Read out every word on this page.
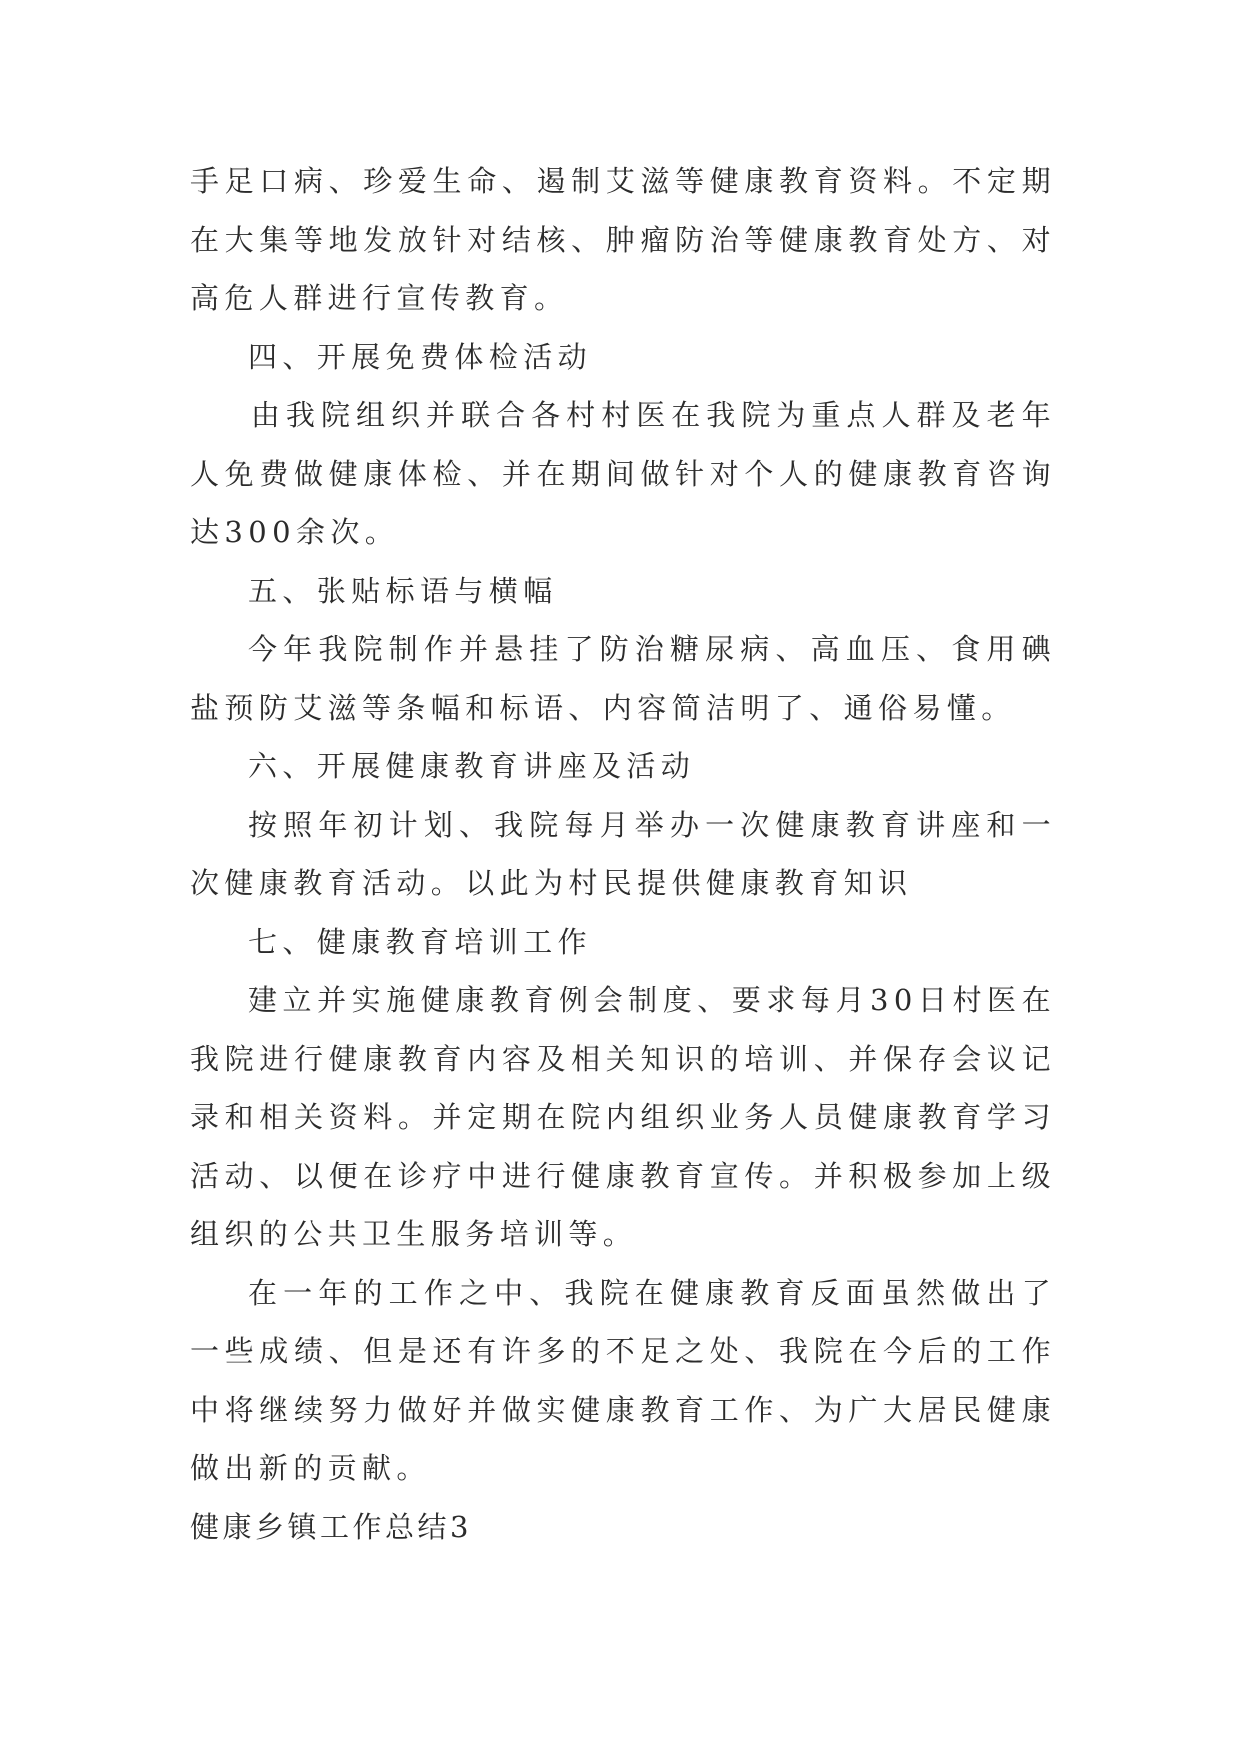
手足口病、珍爱生命、遏制艾滋等健康教育资料。不定期在大集等地发放针对结核、肿瘤防治等健康教育处方、对高危人群进行宣传教育。

四、开展免费体检活动

由我院组织并联合各村村医在我院为重点人群及老年人免费做健康体检、并在期间做针对个人的健康教育咨询达300余次。

五、张贴标语与横幅

今年我院制作并悬挂了防治糖尿病、高血压、食用碘盐预防艾滋等条幅和标语、内容简洁明了、通俗易懂。

六、开展健康教育讲座及活动

按照年初计划、我院每月举办一次健康教育讲座和一次健康教育活动。以此为村民提供健康教育知识

七、健康教育培训工作

建立并实施健康教育例会制度、要求每月30日村医在我院进行健康教育内容及相关知识的培训、并保存会议记录和相关资料。并定期在院内组织业务人员健康教育学习活动、以便在诊疗中进行健康教育宣传。并积极参加上级组织的公共卫生服务培训等。

在一年的工作之中、我院在健康教育反面虽然做出了一些成绩、但是还有许多的不足之处、我院在今后的工作中将继续努力做好并做实健康教育工作、为广大居民健康做出新的贡献。

健康乡镇工作总结3
